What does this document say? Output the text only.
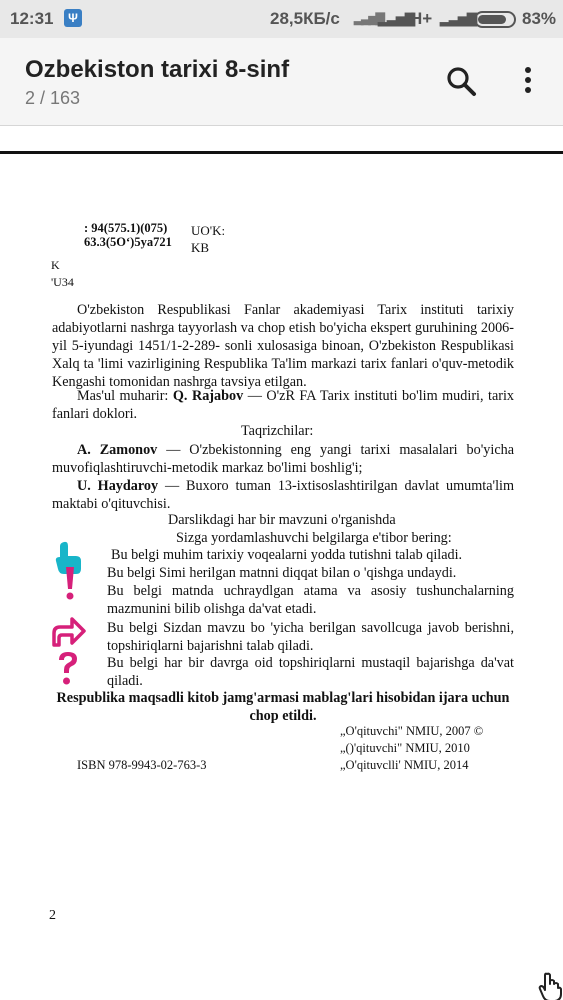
12:31	Ψ	28,5КБ/с ▂▃▅▇
▂▃▅▇
H+ ▂▃▅▇	83%
Ozbekiston tarixi 8-sinf
2 / 163
: 94(575.1)(075)
63.3(5O‘)5ya721
UO'K:
KB
K
'U34
O'zbekiston Respublikasi Fanlar akademiyasi Tarix instituti tarixiy adabiyotlarni nashrga tayyorlash va chop etish bo'yicha ekspert guruhining 2006-yil 5-iyundagi 1451/1-2-289- sonli xulosasiga binoan, O'zbekiston Respublikasi Xalq ta 'limi vazirligining Respublika Ta'lim markazi tarix fanlari o'quv-metodik Kengashi tomonidan nashrga tavsiya etilgan.
Mas'ul muharir: Q. Rajabov — O'zR FA Tarix instituti bo'lim mudiri, tarix fanlari doklori.
Taqrizchilar:
A. Zamonov — O'zbekistonning eng yangi tarixi masalalari bo'yicha muvofiqlashtiruvchi-metodik markaz bo'limi boshlig'i;
U. Haydaroy — Buxoro tuman 13-ixtisoslashtirilgan davlat umumta'lim maktabi o'qituvchisi.
Darslikdagi har bir mavzuni o'rganishda
Sizga yordamlashuvchi belgilarga e'tibor bering:
Bu belgi muhim tarixiy voqealarni yodda tutishni talab qiladi.
Bu belgi Simi herilgan matnni diqqat bilan o 'qishga undaydi.
Bu belgi matnda uchraydlgan atama va asosiy tushunchalarning mazmunini bilib olishga da'vat etadi.
Bu belgi Sizdan mavzu bo 'yicha berilgan savollcuga javob berishni, topshiriqlarni bajarishni talab qiladi.
Bu belgi har bir davrga oid topshiriqlarni mustaqil bajarishga da'vat qiladi.
Respublika maqsadli kitob jamg'armasi mablag'lari hisobidan ijara uchun chop etildi.
„O'qituvchi" NMIU, 2007 ©
„()'qituvchi" NMIU, 2010
„O'qituvclli' NMIU, 2014
ISBN 978-9943-02-763-3
2
